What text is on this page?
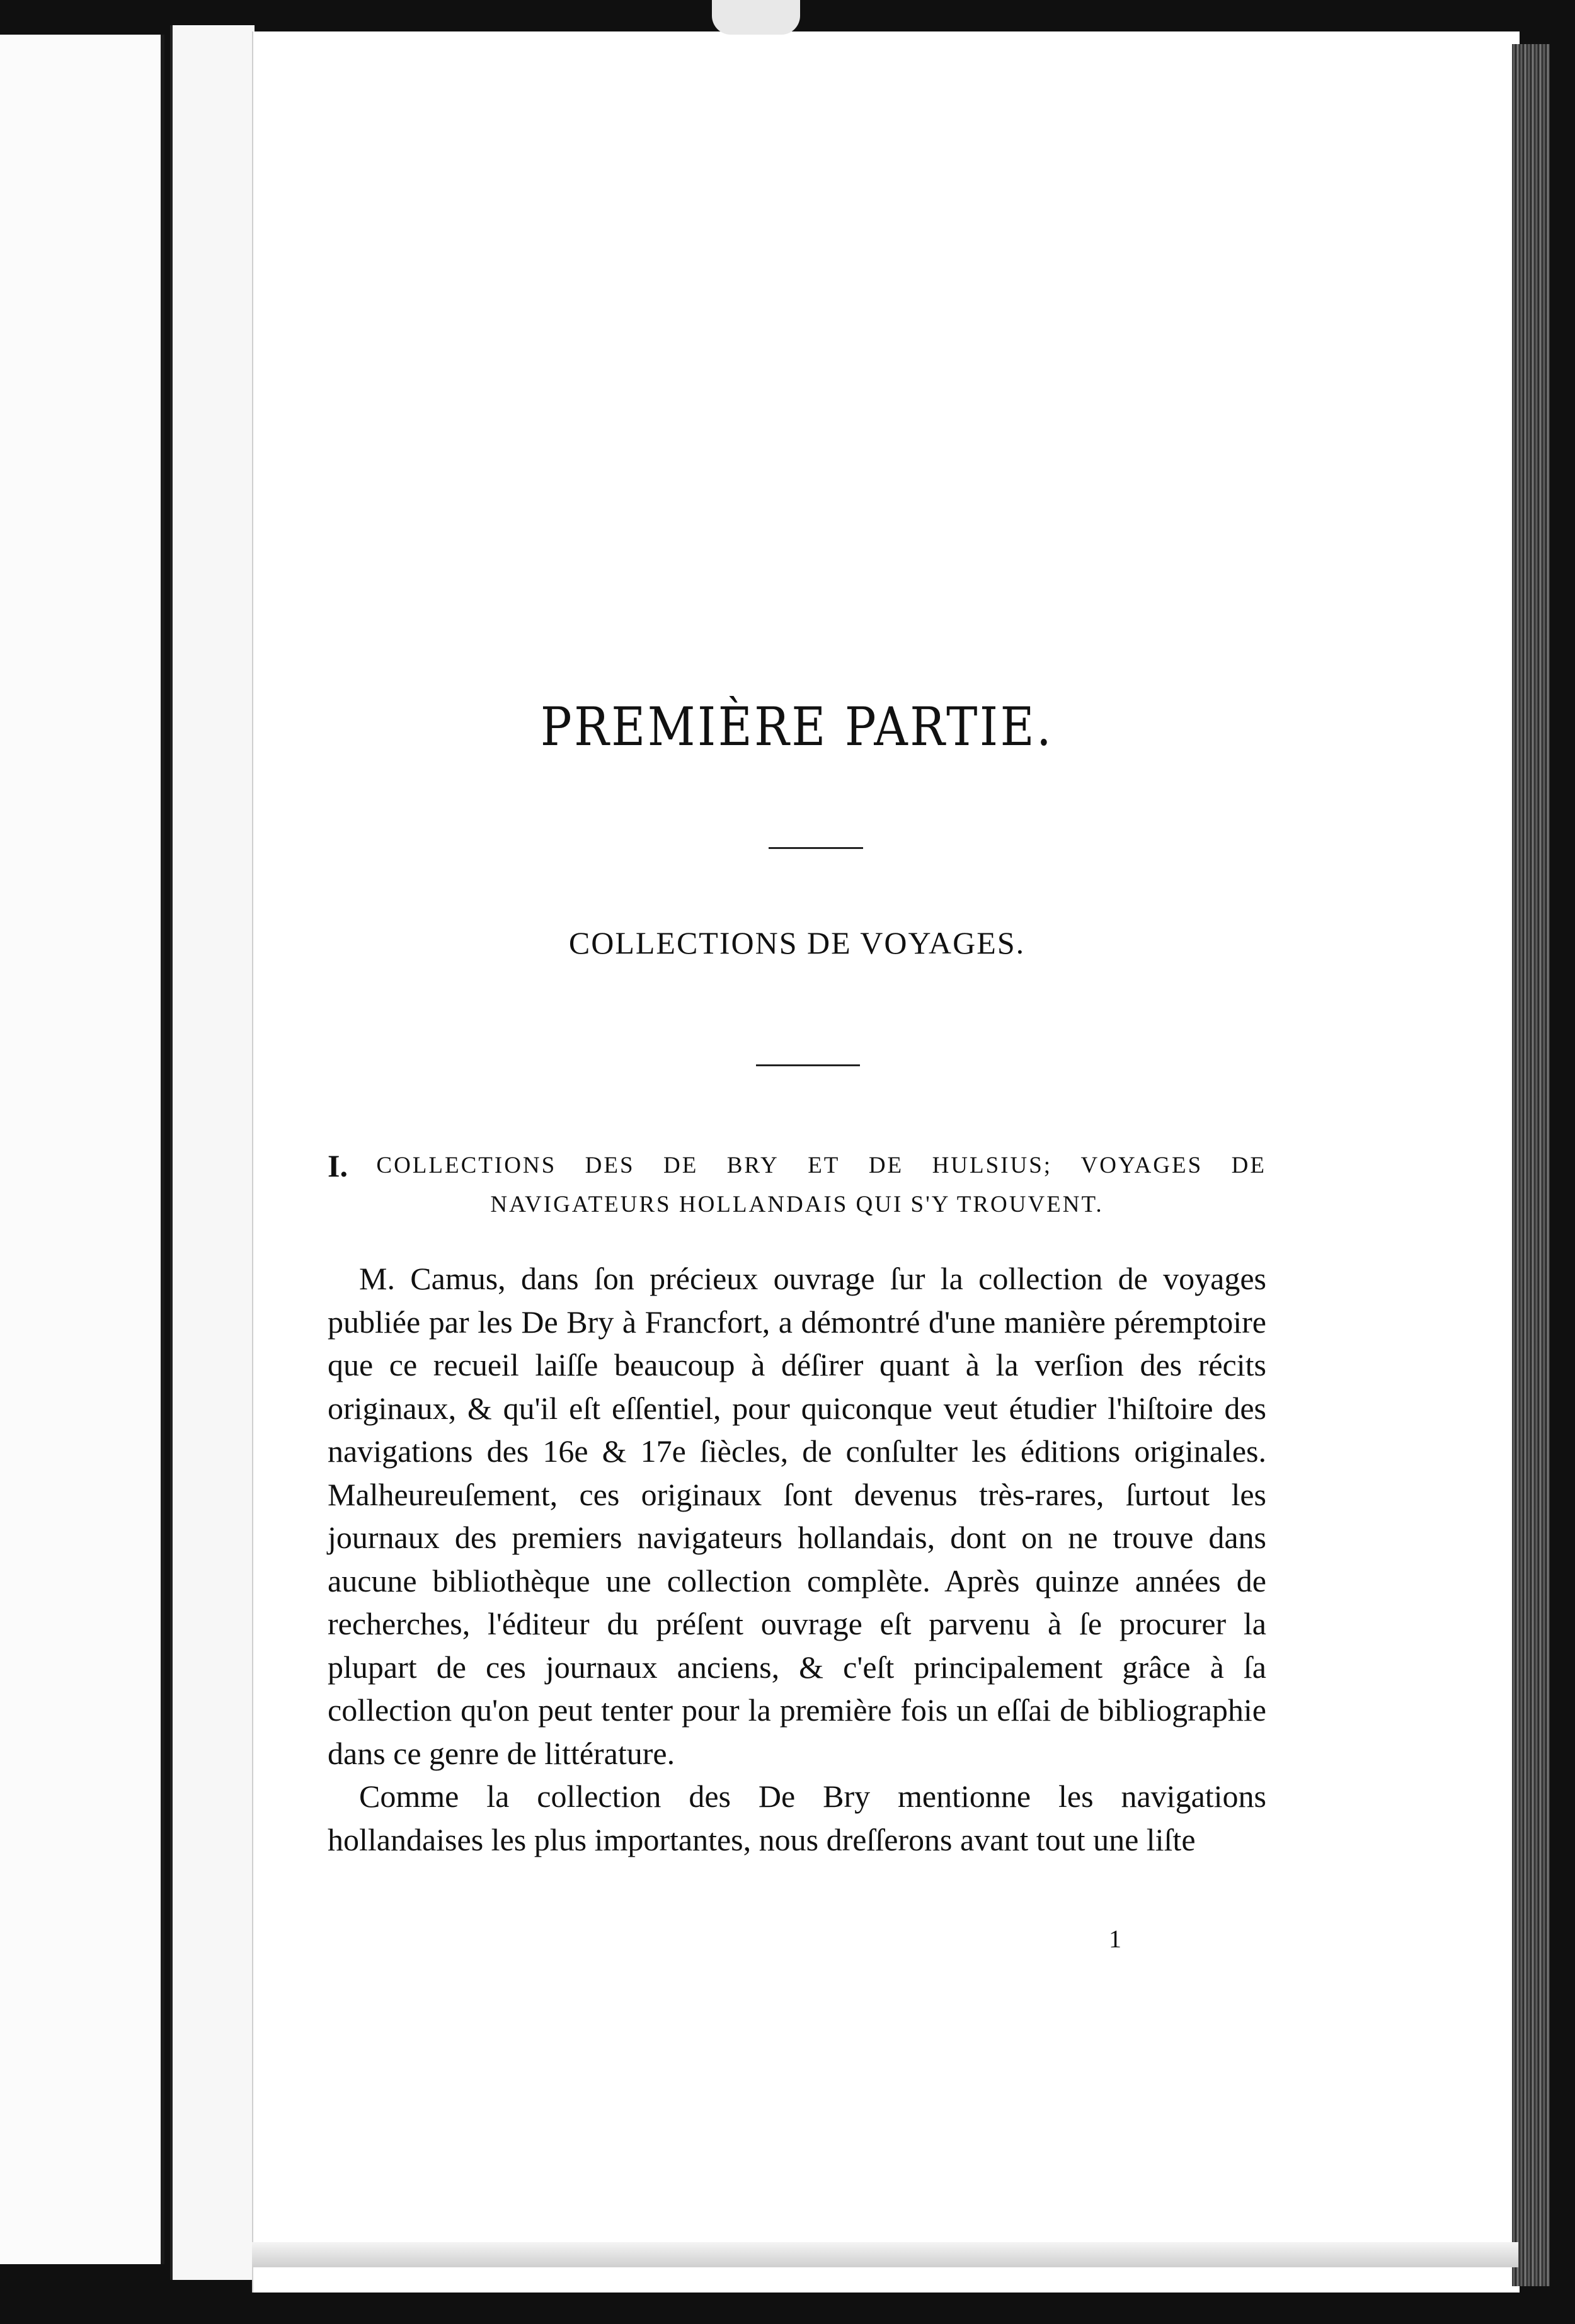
PREMIÈRE PARTIE.
COLLECTIONS DE VOYAGES.
I. COLLECTIONS DES DE BRY ET DE HULSIUS; VOYAGES DE
NAVIGATEURS HOLLANDAIS QUI S'Y TROUVENT.

M. Camus, dans ſon précieux ouvrage ſur la collection de voyages publiée par les De Bry à Francfort, a démontré d'une manière péremptoire que ce recueil laiſſe beaucoup à déſirer quant à la verſion des récits originaux, & qu'il eſt eſſentiel, pour quiconque veut étudier l'hiſtoire des navigations des 16e & 17e ſiècles, de conſulter les éditions originales. Malheureuſement, ces originaux ſont devenus très-rares, ſurtout les journaux des premiers navigateurs hollandais, dont on ne trouve dans aucune bibliothèque une collection complète. Après quinze années de recherches, l'éditeur du préſent ouvrage eſt parvenu à ſe procurer la plupart de ces journaux anciens, & c'eſt principalement grâce à ſa collection qu'on peut tenter pour la première fois un eſſai de bibliographie dans ce genre de littérature.

Comme la collection des De Bry mentionne les navigations hollandaises les plus importantes, nous dreſſerons avant tout une liſte

1
